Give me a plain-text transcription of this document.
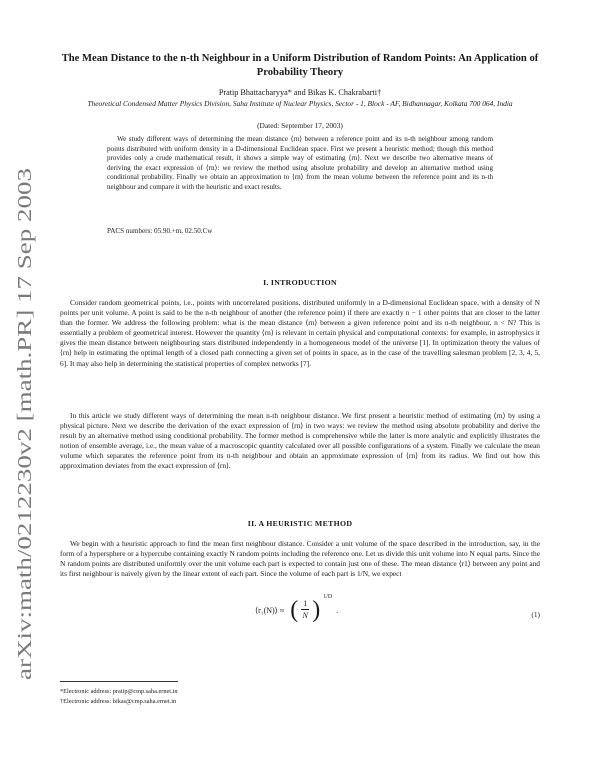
arXiv:math/0212230v2 [math.PR] 17 Sep 2003
The Mean Distance to the n-th Neighbour in a Uniform Distribution of Random Points: An Application of Probability Theory
Pratip Bhattacharyya* and Bikas K. Chakrabarti†
Theoretical Condensed Matter Physics Division, Saha Institute of Nuclear Physics, Sector - 1, Block - AF, Bidhannagar, Kolkata 700 064, India
(Dated: September 17, 2003)

We study different ways of determining the mean distance ⟨rn⟩ between a reference point and its n-th neighbour among random points distributed with uniform density in a D-dimensional Euclidean space. First we present a heuristic method; though this method provides only a crude mathematical result, it shows a simple way of estimating ⟨rn⟩. Next we describe two alternative means of deriving the exact expression of ⟨rn⟩: we review the method using absolute probability and develop an alternative method using conditional probability. Finally we obtain an approximation to ⟨rn⟩ from the mean volume between the reference point and its n-th neighbour and compare it with the heuristic and exact results.

PACS numbers: 05.90.+m, 02.50.Cw
I. INTRODUCTION

Consider random geometrical points, i.e., points with uncorrelated positions, distributed uniformly in a D-dimensional Euclidean space, with a density of N points per unit volume. A point is said to be the n-th neighbour of another (the reference point) if there are exactly n − 1 other points that are closer to the latter than the former. We address the following problem: what is the mean distance ⟨rn⟩ between a given reference point and its n-th neighbour, n < N? This is essentially a problem of geometrical interest. However the quantity ⟨rn⟩ is relevant in certain physical and computational contexts: for example, in astrophysics it gives the mean distance between neighbouring stars distributed independently in a homogeneous model of the universe [1]. In optimization theory the values of ⟨rn⟩ help in estimating the optimal length of a closed path connecting a given set of points in space, as in the case of the travelling salesman problem [2, 3, 4, 5, 6]. It may also help in determining the statistical properties of complex networks [7].

In this article we study different ways of determining the mean n-th neighbour distance. We first present a heuristic method of estimating ⟨rn⟩ by using a physical picture. Next we describe the derivation of the exact expression of ⟨rn⟩ in two ways: we review the method using absolute probability and derive the result by an alternative method using conditional probability. The former method is comprehensive while the latter is more analytic and explicitly illustrates the notion of ensemble average, i.e., the mean value of a macroscopic quantity calculated over all possible configurations of a system. Finally we calculate the mean volume which separates the reference point from its n-th neighbour and obtain an approximate expression of ⟨rn⟩ from its radius. We find out how this approximation deviates from the exact expression of ⟨rn⟩.

II. A HEURISTIC METHOD

We begin with a heuristic approach to find the mean first neighbour distance. Consider a unit volume of the space described in the introduction, say, in the form of a hypersphere or a hypercube containing exactly N random points including the reference one. Let us divide this unit volume into N equal parts. Since the N random points are distributed uniformly over the unit volume each part is expected to contain just one of these. The mean distance ⟨r1⟩ between any point and its first neighbour is naively given by the linear extent of each part. Since the volume of each part is 1/N, we expect

⟨r₁(N)⟩ ≈ ( $\frac{1}{N}$ ) $^{1/D}$ .	(1)
*Electronic address: pratip@cmp.saha.ernet.in
†Electronic address: bikas@cmp.saha.ernet.in
